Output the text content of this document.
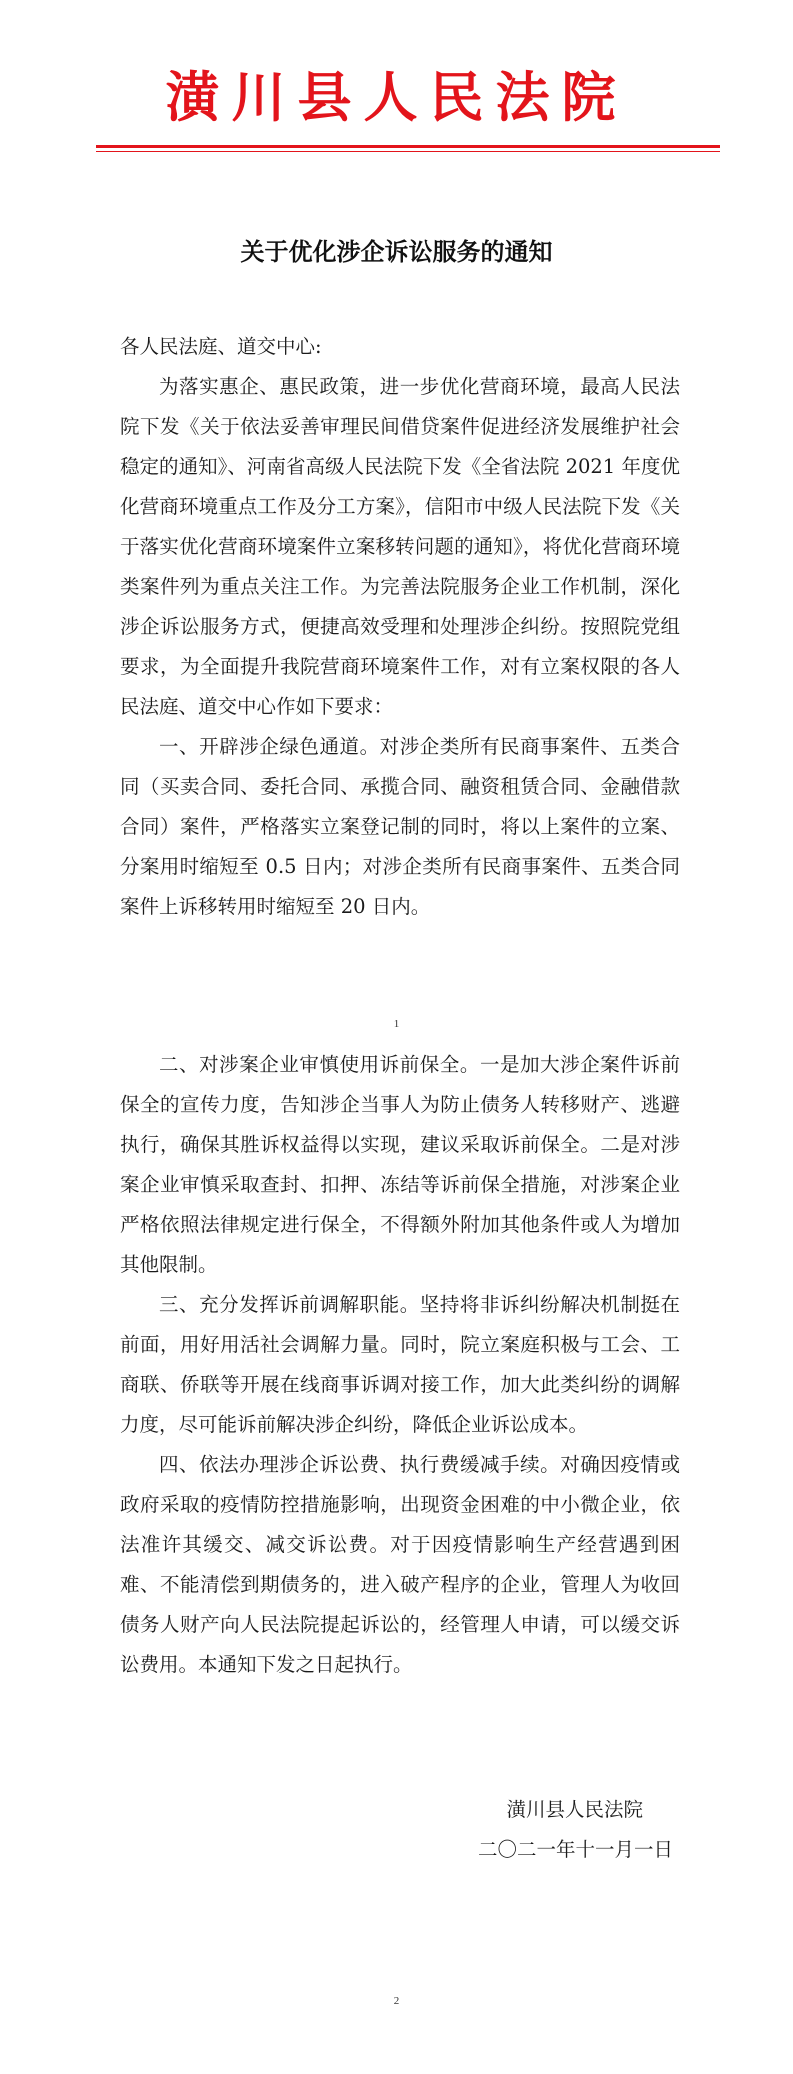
潢川县人民法院
关于优化涉企诉讼服务的通知

各人民法庭、道交中心:

为落实惠企、惠民政策，进一步优化营商环境，最高人民法院下发《关于依法妥善审理民间借贷案件促进经济发展维护社会稳定的通知》、河南省高级人民法院下发《全省法院 2021 年度优化营商环境重点工作及分工方案》，信阳市中级人民法院下发《关于落实优化营商环境案件立案移转问题的通知》，将优化营商环境类案件列为重点关注工作。为完善法院服务企业工作机制，深化涉企诉讼服务方式，便捷高效受理和处理涉企纠纷。按照院党组要求，为全面提升我院营商环境案件工作，对有立案权限的各人民法庭、道交中心作如下要求：

一、开辟涉企绿色通道。对涉企类所有民商事案件、五类合同（买卖合同、委托合同、承揽合同、融资租赁合同、金融借款合同）案件，严格落实立案登记制的同时，将以上案件的立案、分案用时缩短至 0.5 日内；对涉企类所有民商事案件、五类合同案件上诉移转用时缩短至 20 日内。

1

二、对涉案企业审慎使用诉前保全。一是加大涉企案件诉前保全的宣传力度，告知涉企当事人为防止债务人转移财产、逃避执行，确保其胜诉权益得以实现，建议采取诉前保全。二是对涉案企业审慎采取查封、扣押、冻结等诉前保全措施，对涉案企业严格依照法律规定进行保全，不得额外附加其他条件或人为增加其他限制。

三、充分发挥诉前调解职能。坚持将非诉纠纷解决机制挺在前面，用好用活社会调解力量。同时，院立案庭积极与工会、工商联、侨联等开展在线商事诉调对接工作，加大此类纠纷的调解力度，尽可能诉前解决涉企纠纷，降低企业诉讼成本。

四、依法办理涉企诉讼费、执行费缓减手续。对确因疫情或政府采取的疫情防控措施影响，出现资金困难的中小微企业，依法准许其缓交、减交诉讼费。对于因疫情影响生产经营遇到困难、不能清偿到期债务的，进入破产程序的企业，管理人为收回债务人财产向人民法院提起诉讼的，经管理人申请，可以缓交诉讼费用。本通知下发之日起执行。

潢川县人民法院
二〇二一年十一月一日
2
